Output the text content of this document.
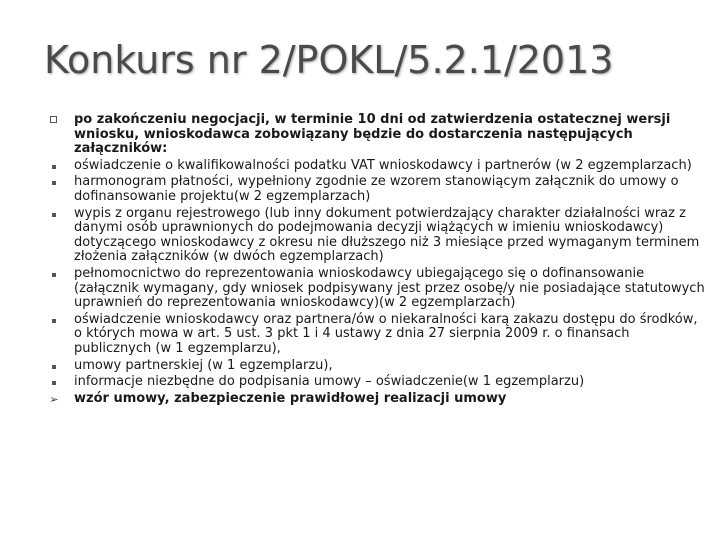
Konkurs nr 2/POKL/5.2.1/2013
po zakończeniu negocjacji, w terminie 10 dni od zatwierdzenia ostatecznej wersji wniosku, wnioskodawca zobowiązany będzie do dostarczenia następujących załączników:
oświadczenie o kwalifikowalności podatku VAT wnioskodawcy i partnerów (w 2 egzemplarzach)
harmonogram płatności, wypełniony zgodnie ze wzorem stanowiącym załącznik do umowy o dofinansowanie projektu(w 2 egzemplarzach)
wypis z organu rejestrowego (lub inny dokument potwierdzający charakter działalności wraz z danymi osób uprawnionych do podejmowania decyzji wiążących w imieniu wnioskodawcy) dotyczącego wnioskodawcy z okresu nie dłuższego niż 3 miesiące przed wymaganym terminem złożenia załączników (w dwóch egzemplarzach)
pełnomocnictwo do reprezentowania wnioskodawcy ubiegającego się o dofinansowanie (załącznik wymagany, gdy wniosek podpisywany jest przez osobę/y nie posiadające statutowych uprawnień do reprezentowania wnioskodawcy)(w 2 egzemplarzach)
oświadczenie wnioskodawcy oraz partnera/ów o niekaralności karą zakazu dostępu do środków, o których mowa w art. 5 ust. 3 pkt 1 i 4 ustawy z dnia 27 sierpnia 2009 r. o finansach publicznych (w 1 egzemplarzu),
umowy partnerskiej (w 1 egzemplarzu),
informacje niezbędne do podpisania umowy – oświadczenie(w 1 egzemplarzu)
➢ wzór umowy, zabezpieczenie prawidłowej realizacji umowy
